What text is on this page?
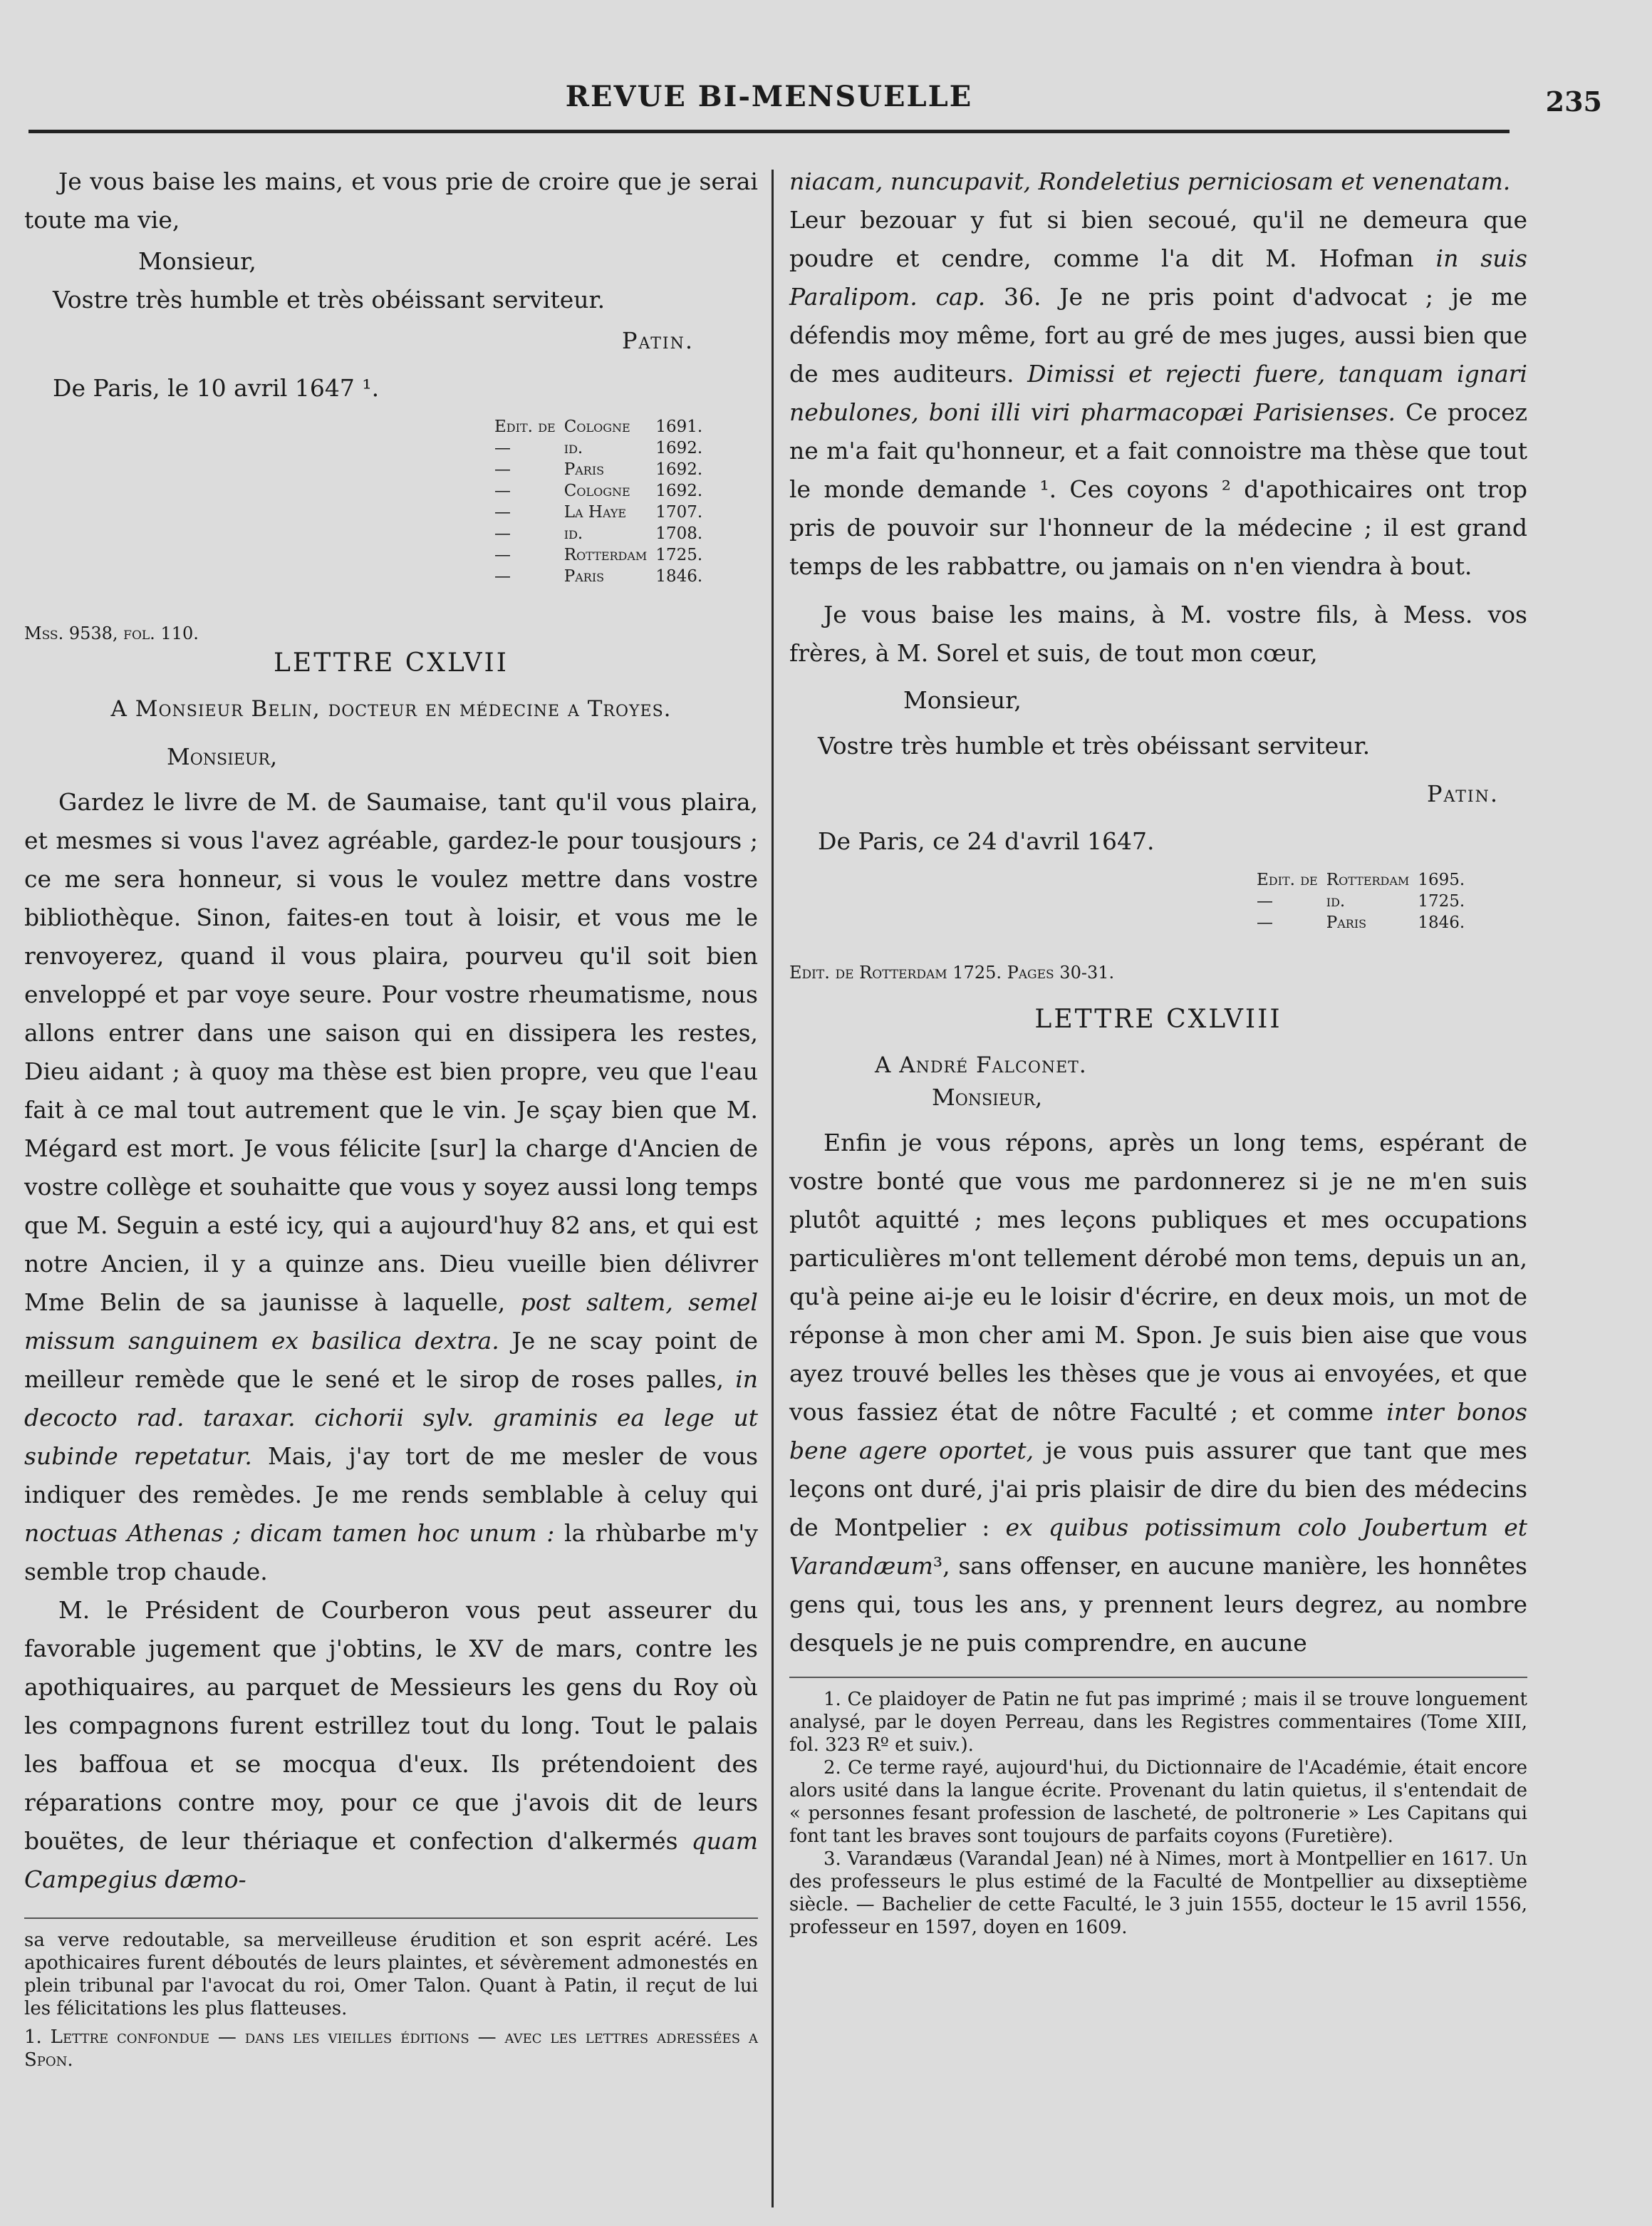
REVUE BI-MENSUELLE	235

Je vous baise les mains, et vous prie de croire que je serai toute ma vie,

Monsieur,

Vostre très humble et très obéissant serviteur.

Patin.

De Paris, le 10 avril 1647 ¹.

Edit. de	Cologne	1691.
—	id.	1692.
—	Paris	1692.
—	Cologne	1692.
—	La Haye	1707.
—	id.	1708.
—	Rotterdam	1725.
—	Paris	1846.

Mss. 9538, fol. 110.

LETTRE CXLVII

A Monsieur Belin, docteur en médecine a Troyes.

Monsieur,

Gardez le livre de M. de Saumaise, tant qu'il vous plaira, et mesmes si vous l'avez agréable, gardez-le pour tousjours ; ce me sera honneur, si vous le voulez mettre dans vostre bibliothèque. Sinon, faites-en tout à loisir, et vous me le renvoyerez, quand il vous plaira, pourveu qu'il soit bien enveloppé et par voye seure. Pour vostre rheumatisme, nous allons entrer dans une saison qui en dissipera les restes, Dieu aidant ; à quoy ma thèse est bien propre, veu que l'eau fait à ce mal tout autrement que le vin. Je sçay bien que M. Mégard est mort. Je vous félicite [sur] la charge d'Ancien de vostre collège et souhaitte que vous y soyez aussi long temps que M. Seguin a esté icy, qui a aujourd'huy 82 ans, et qui est notre Ancien, il y a quinze ans. Dieu vueille bien délivrer Mme Belin de sa jaunisse à laquelle, post saltem, semel missum sanguinem ex basilica dextra. Je ne scay point de meilleur remède que le sené et le sirop de roses palles, in decocto rad. taraxar. cichorii sylv. graminis ea lege ut subinde repetatur. Mais, j'ay tort de me mesler de vous indiquer des remèdes. Je me rends semblable à celuy qui noctuas Athenas ; dicam tamen hoc unum : la rhùbarbe m'y semble trop chaude.

M. le Président de Courberon vous peut asseurer du favorable jugement que j'obtins, le XV de mars, contre les apothiquaires, au parquet de Messieurs les gens du Roy où les compagnons furent estrillez tout du long. Tout le palais les baffoua et se mocqua d'eux. Ils prétendoient des réparations contre moy, pour ce que j'avois dit de leurs bouëtes, de leur thériaque et confection d'alkermés quam Campegius dæmo-

sa verve redoutable, sa merveilleuse érudition et son esprit acéré. Les apothicaires furent déboutés de leurs plaintes, et sévèrement admonestés en plein tribunal par l'avocat du roi, Omer Talon. Quant à Patin, il reçut de lui les félicitations les plus flatteuses.

1. Lettre confondue — dans les vieilles éditions — avec les lettres adressées a Spon.

niacam, nuncupavit, Rondeletius perniciosam et venenatam.

Leur bezouar y fut si bien secoué, qu'il ne demeura que poudre et cendre, comme l'a dit M. Hofman in suis Paralipom. cap. 36. Je ne pris point d'advocat ; je me défendis moy même, fort au gré de mes juges, aussi bien que de mes auditeurs. Dimissi et rejecti fuere, tanquam ignari nebulones, boni illi viri pharmacopæi Parisienses. Ce procez ne m'a fait qu'honneur, et a fait connoistre ma thèse que tout le monde demande ¹. Ces coyons ² d'apothicaires ont trop pris de pouvoir sur l'honneur de la médecine ; il est grand temps de les rabbattre, ou jamais on n'en viendra à bout.

Je vous baise les mains, à M. vostre fils, à Mess. vos frères, à M. Sorel et suis, de tout mon cœur,

Monsieur,

Vostre très humble et très obéissant serviteur.

Patin.

De Paris, ce 24 d'avril 1647.

Edit. de	Rotterdam	1695.
—	id.	1725.
—	Paris	1846.

Edit. de Rotterdam 1725. Pages 30-31.

LETTRE CXLVIII

A André Falconet.

Monsieur,

Enfin je vous répons, après un long tems, espérant de vostre bonté que vous me pardonnerez si je ne m'en suis plutôt aquitté ; mes leçons publiques et mes occupations particulières m'ont tellement dérobé mon tems, depuis un an, qu'à peine ai-je eu le loisir d'écrire, en deux mois, un mot de réponse à mon cher ami M. Spon. Je suis bien aise que vous ayez trouvé belles les thèses que je vous ai envoyées, et que vous fassiez état de nôtre Faculté ; et comme inter bonos bene agere oportet, je vous puis assurer que tant que mes leçons ont duré, j'ai pris plaisir de dire du bien des médecins de Montpelier : ex quibus potissimum colo Joubertum et Varandæum³, sans offenser, en aucune manière, les honnêtes gens qui, tous les ans, y prennent leurs degrez, au nombre desquels je ne puis comprendre, en aucune

1. Ce plaidoyer de Patin ne fut pas imprimé ; mais il se trouve longuement analysé, par le doyen Perreau, dans les Registres commentaires (Tome XIII, fol. 323 Rº et suiv.).

2. Ce terme rayé, aujourd'hui, du Dictionnaire de l'Académie, était encore alors usité dans la langue écrite. Provenant du latin quietus, il s'entendait de « personnes fesant profession de lascheté, de poltronerie » Les Capitans qui font tant les braves sont toujours de parfaits coyons (Furetière).

3. Varandæus (Varandal Jean) né à Nimes, mort à Montpellier en 1617. Un des professeurs le plus estimé de la Faculté de Montpellier au dixseptième siècle. — Bachelier de cette Faculté, le 3 juin 1555, docteur le 15 avril 1556, professeur en 1597, doyen en 1609.
